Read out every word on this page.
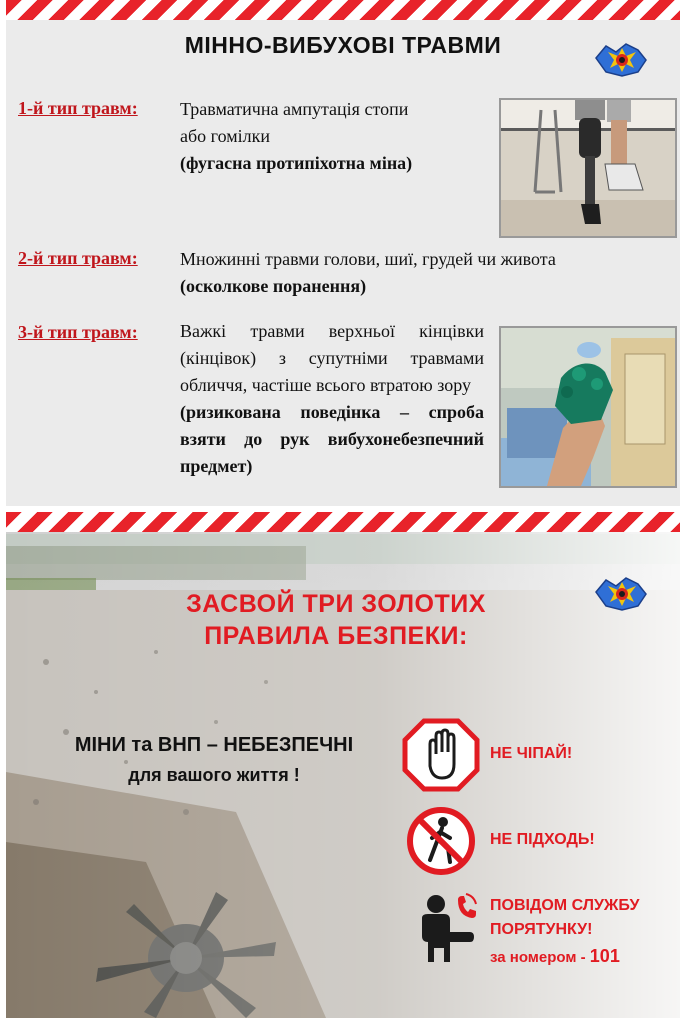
МІННО-ВИБУХОВІ ТРАВМИ
1-й тип травм: Травматична ампутація стопи або гомілки
(фугасна протипіхотна міна)
2-й тип травм: Множинні травми голови, шиї, грудей чи живота
(осколкове поранення)
3-й тип травм: Важкі травми верхньої кінцівки (кінцівок) з супутніми травмами обличчя, частіше всього втратою зору
(ризикована поведінка – спроба взяти до рук вибухонебезпечний предмет)
ЗАСВОЙ ТРИ ЗОЛОТИХ
ПРАВИЛА БЕЗПЕКИ:
МІНИ та ВНП – НЕБЕЗПЕЧНІ
для вашого життя !
НЕ ЧІПАЙ!
НЕ ПІДХОДЬ!
ПОВІДОМ СЛУЖБУ
ПОРЯТУНКУ!
за номером - 101
